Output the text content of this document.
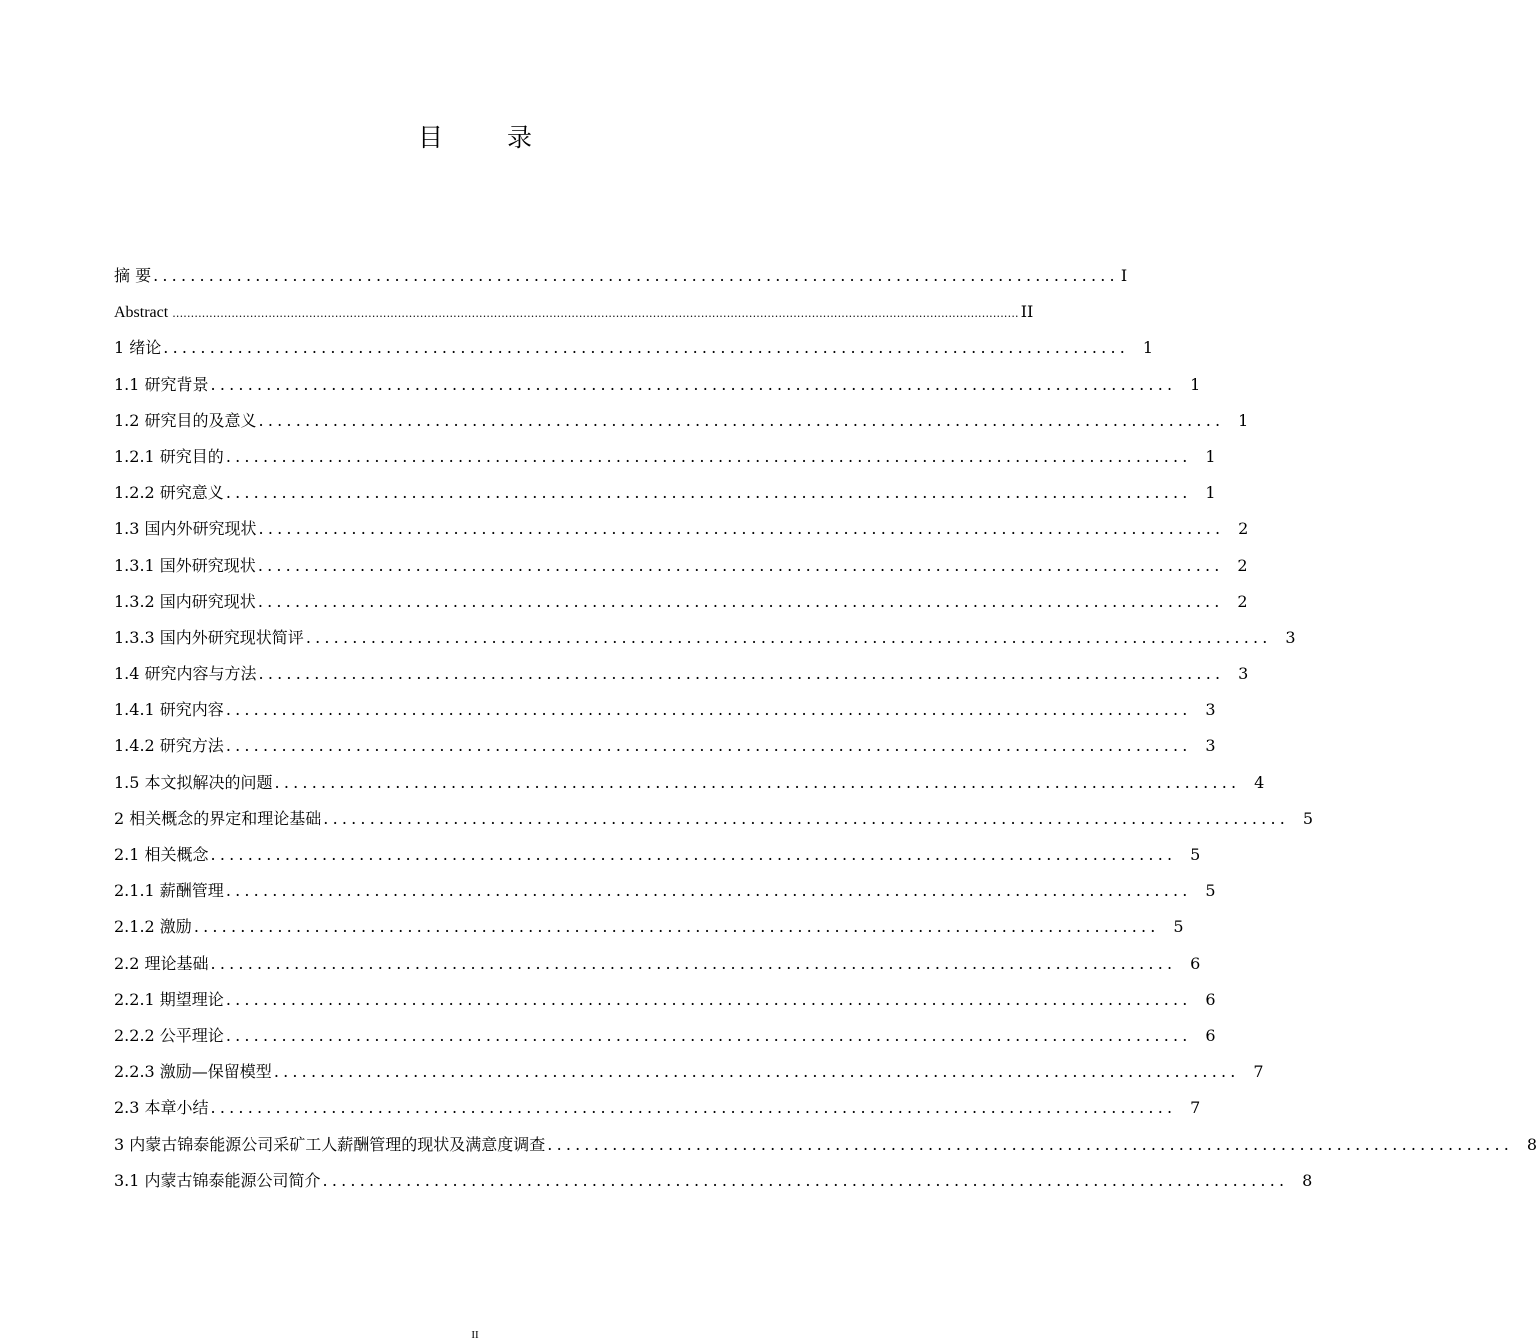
目 录
摘 要 ........................................................................................................ I
Abstract ..................................................................................................................................................................................................................................... II
1 绪论 ........................................................................................................ 1
1.1 研究背景 ........................................................................................................ 1
1.2 研究目的及意义 ........................................................................................................ 1
1.2.1 研究目的 ........................................................................................................ 1
1.2.2 研究意义 ........................................................................................................ 1
1.3 国内外研究现状 ........................................................................................................ 2
1.3.1 国外研究现状 ........................................................................................................ 2
1.3.2 国内研究现状 ........................................................................................................ 2
1.3.3 国内外研究现状简评 ........................................................................................................ 3
1.4 研究内容与方法 ........................................................................................................ 3
1.4.1 研究内容 ........................................................................................................ 3
1.4.2 研究方法 ........................................................................................................ 3
1.5 本文拟解决的问题 ........................................................................................................ 4
2 相关概念的界定和理论基础 ........................................................................................................ 5
2.1 相关概念 ........................................................................................................ 5
2.1.1 薪酬管理 ........................................................................................................ 5
2.1.2 激励 ........................................................................................................ 5
2.2 理论基础 ........................................................................................................ 6
2.2.1 期望理论 ........................................................................................................ 6
2.2.2 公平理论 ........................................................................................................ 6
2.2.3 激励—保留模型 ........................................................................................................ 7
2.3 本章小结 ........................................................................................................ 7
3 内蒙古锦泰能源公司采矿工人薪酬管理的现状及满意度调查 ........................................................................................................ 8
3.1 内蒙古锦泰能源公司简介 ........................................................................................................ 8
II
